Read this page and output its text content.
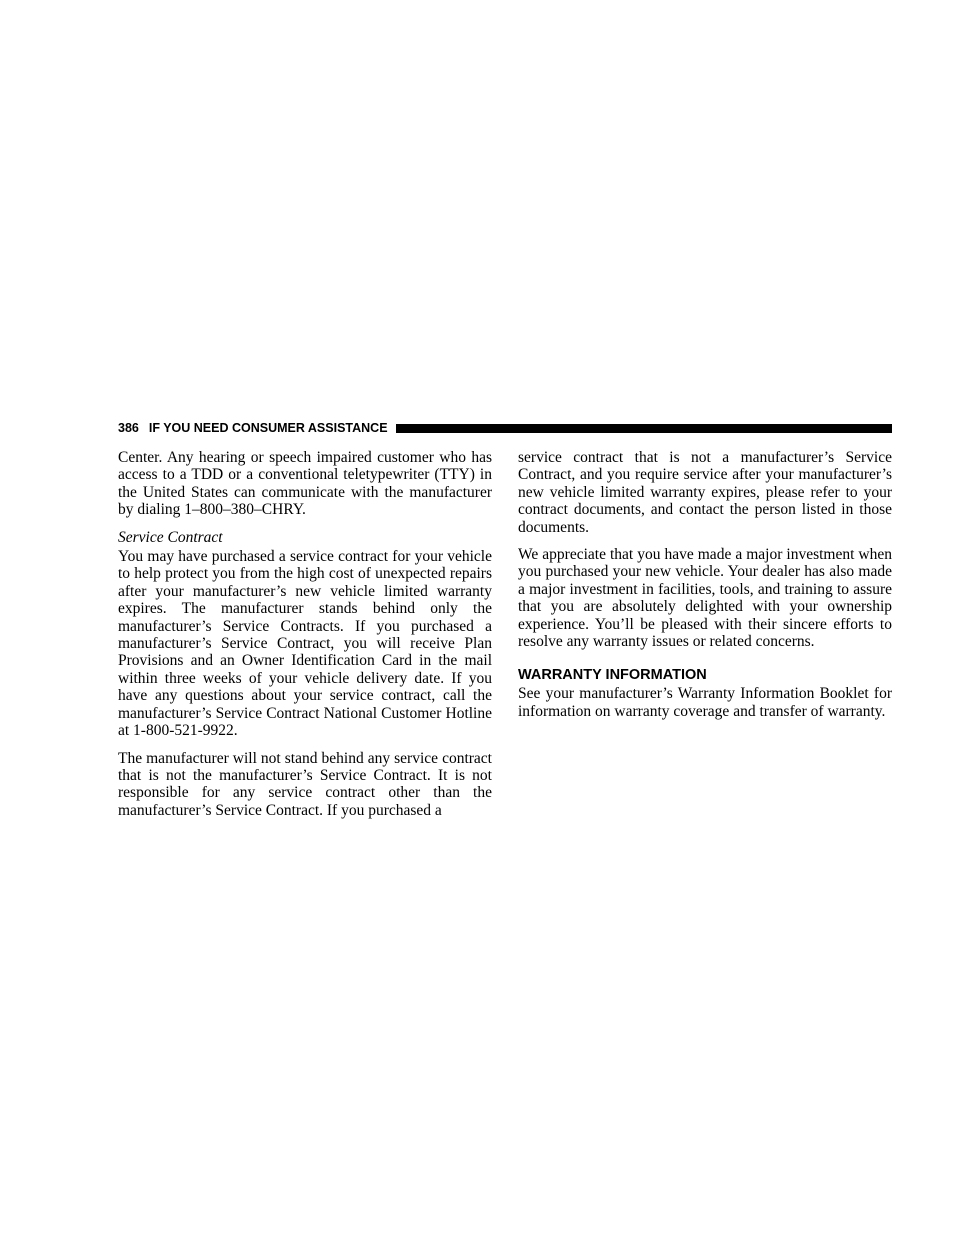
386 IF YOU NEED CONSUMER ASSISTANCE

Center. Any hearing or speech impaired customer who has access to a TDD or a conventional teletypewriter (TTY) in the United States can communicate with the manufacturer by dialing 1–800–380–CHRY.

Service Contract

You may have purchased a service contract for your vehicle to help protect you from the high cost of unexpected repairs after your manufacturer’s new vehicle limited warranty expires. The manufacturer stands behind only the manufacturer’s Service Contracts. If you purchased a manufacturer’s Service Contract, you will receive Plan Provisions and an Owner Identification Card in the mail within three weeks of your vehicle delivery date. If you have any questions about your service contract, call the manufacturer’s Service Contract National Customer Hotline at 1-800-521-9922.

The manufacturer will not stand behind any service contract that is not the manufacturer’s Service Contract. It is not responsible for any service contract other than the manufacturer’s Service Contract. If you purchased a

service contract that is not a manufacturer’s Service Contract, and you require service after your manufacturer’s new vehicle limited warranty expires, please refer to your contract documents, and contact the person listed in those documents.

We appreciate that you have made a major investment when you purchased your new vehicle. Your dealer has also made a major investment in facilities, tools, and training to assure that you are absolutely delighted with your ownership experience. You’ll be pleased with their sincere efforts to resolve any warranty issues or related concerns.

WARRANTY INFORMATION

See your manufacturer’s Warranty Information Booklet for information on warranty coverage and transfer of warranty.
